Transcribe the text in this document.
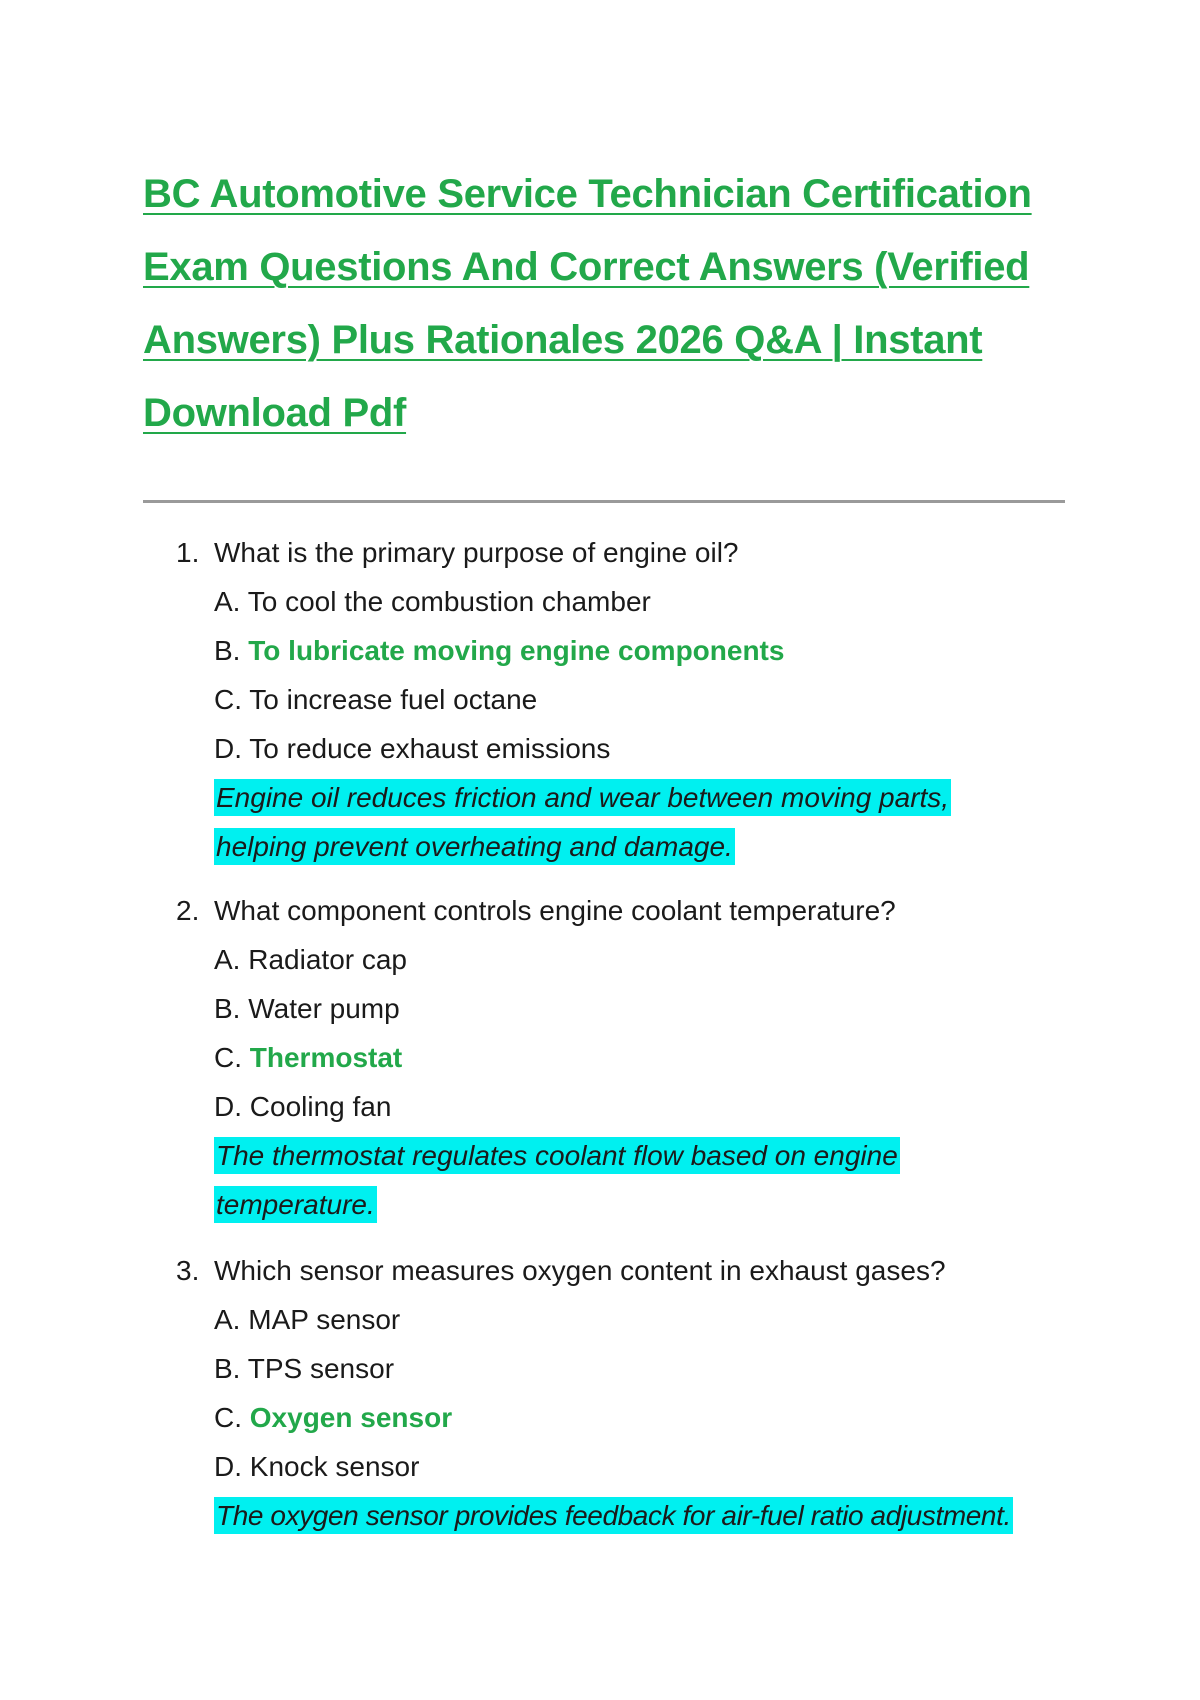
BC Automotive Service Technician Certification Exam Questions And Correct Answers (Verified Answers) Plus Rationales 2026 Q&A | Instant Download Pdf
1. What is the primary purpose of engine oil?
A. To cool the combustion chamber
B. To lubricate moving engine components
C. To increase fuel octane
D. To reduce exhaust emissions
Engine oil reduces friction and wear between moving parts, helping prevent overheating and damage.
2. What component controls engine coolant temperature?
A. Radiator cap
B. Water pump
C. Thermostat
D. Cooling fan
The thermostat regulates coolant flow based on engine temperature.
3. Which sensor measures oxygen content in exhaust gases?
A. MAP sensor
B. TPS sensor
C. Oxygen sensor
D. Knock sensor
The oxygen sensor provides feedback for air-fuel ratio adjustment.
